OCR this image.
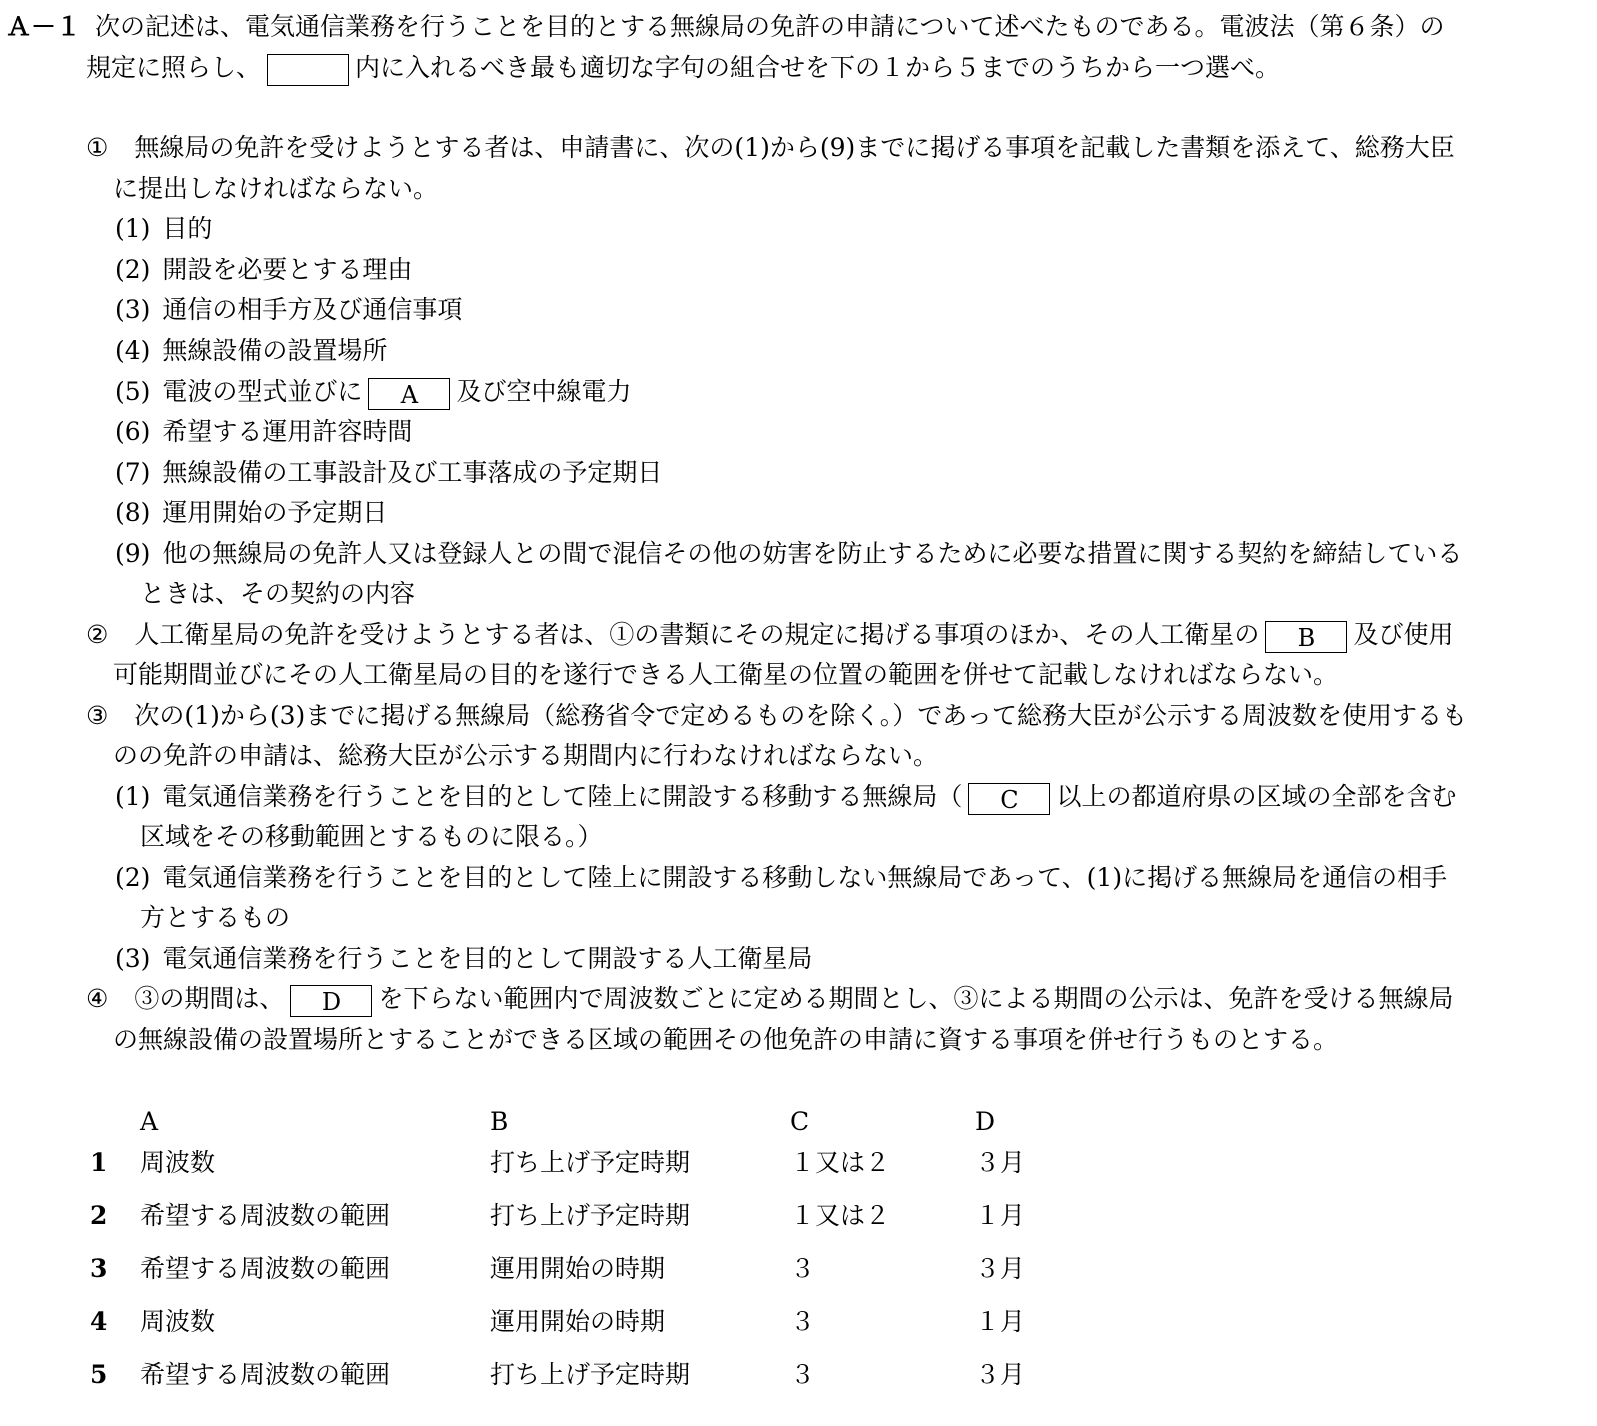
Ａ－１ 次の記述は、電気通信業務を行うことを目的とする無線局の免許の申請について述べたものである。電波法（第６条）の
規定に照らし、	内に入れるべき最も適切な字句の組合せを下の１から５までのうちから一つ選べ。
① 無線局の免許を受けようとする者は、申請書に、次の(1)から(9)までに掲げる事項を記載した書類を添えて、総務大臣
に提出しなければならない。
(1) 目的
(2) 開設を必要とする理由
(3) 通信の相手方及び通信事項
(4) 無線設備の設置場所
(5) 電波の型式並びに A 及び空中線電力
(6) 希望する運用許容時間
(7) 無線設備の工事設計及び工事落成の予定期日
(8) 運用開始の予定期日
(9) 他の無線局の免許人又は登録人との間で混信その他の妨害を防止するために必要な措置に関する契約を締結している
ときは、その契約の内容
② 人工衛星局の免許を受けようとする者は、①の書類にその規定に掲げる事項のほか、その人工衛星の B 及び使用
可能期間並びにその人工衛星局の目的を遂行できる人工衛星の位置の範囲を併せて記載しなければならない。
③ 次の(1)から(3)までに掲げる無線局（総務省令で定めるものを除く。）であって総務大臣が公示する周波数を使用するも
のの免許の申請は、総務大臣が公示する期間内に行わなければならない。
(1) 電気通信業務を行うことを目的として陸上に開設する移動する無線局（ C 以上の都道府県の区域の全部を含む
区域をその移動範囲とするものに限る。）
(2) 電気通信業務を行うことを目的として陸上に開設する移動しない無線局であって、(1)に掲げる無線局を通信の相手
方とするもの
(3) 電気通信業務を行うことを目的として開設する人工衛星局
④ ③の期間は、 D を下らない範囲内で周波数ごとに定める期間とし、③による期間の公示は、免許を受ける無線局
の無線設備の設置場所とすることができる区域の範囲その他免許の申請に資する事項を併せ行うものとする。
A	B	C	D
1 周波数	打ち上げ予定時期	１又は２	３月
2 希望する周波数の範囲	打ち上げ予定時期	１又は２	１月
3 希望する周波数の範囲	運用開始の時期	３	３月
4 周波数	運用開始の時期	３	１月
5 希望する周波数の範囲	打ち上げ予定時期	３	３月
